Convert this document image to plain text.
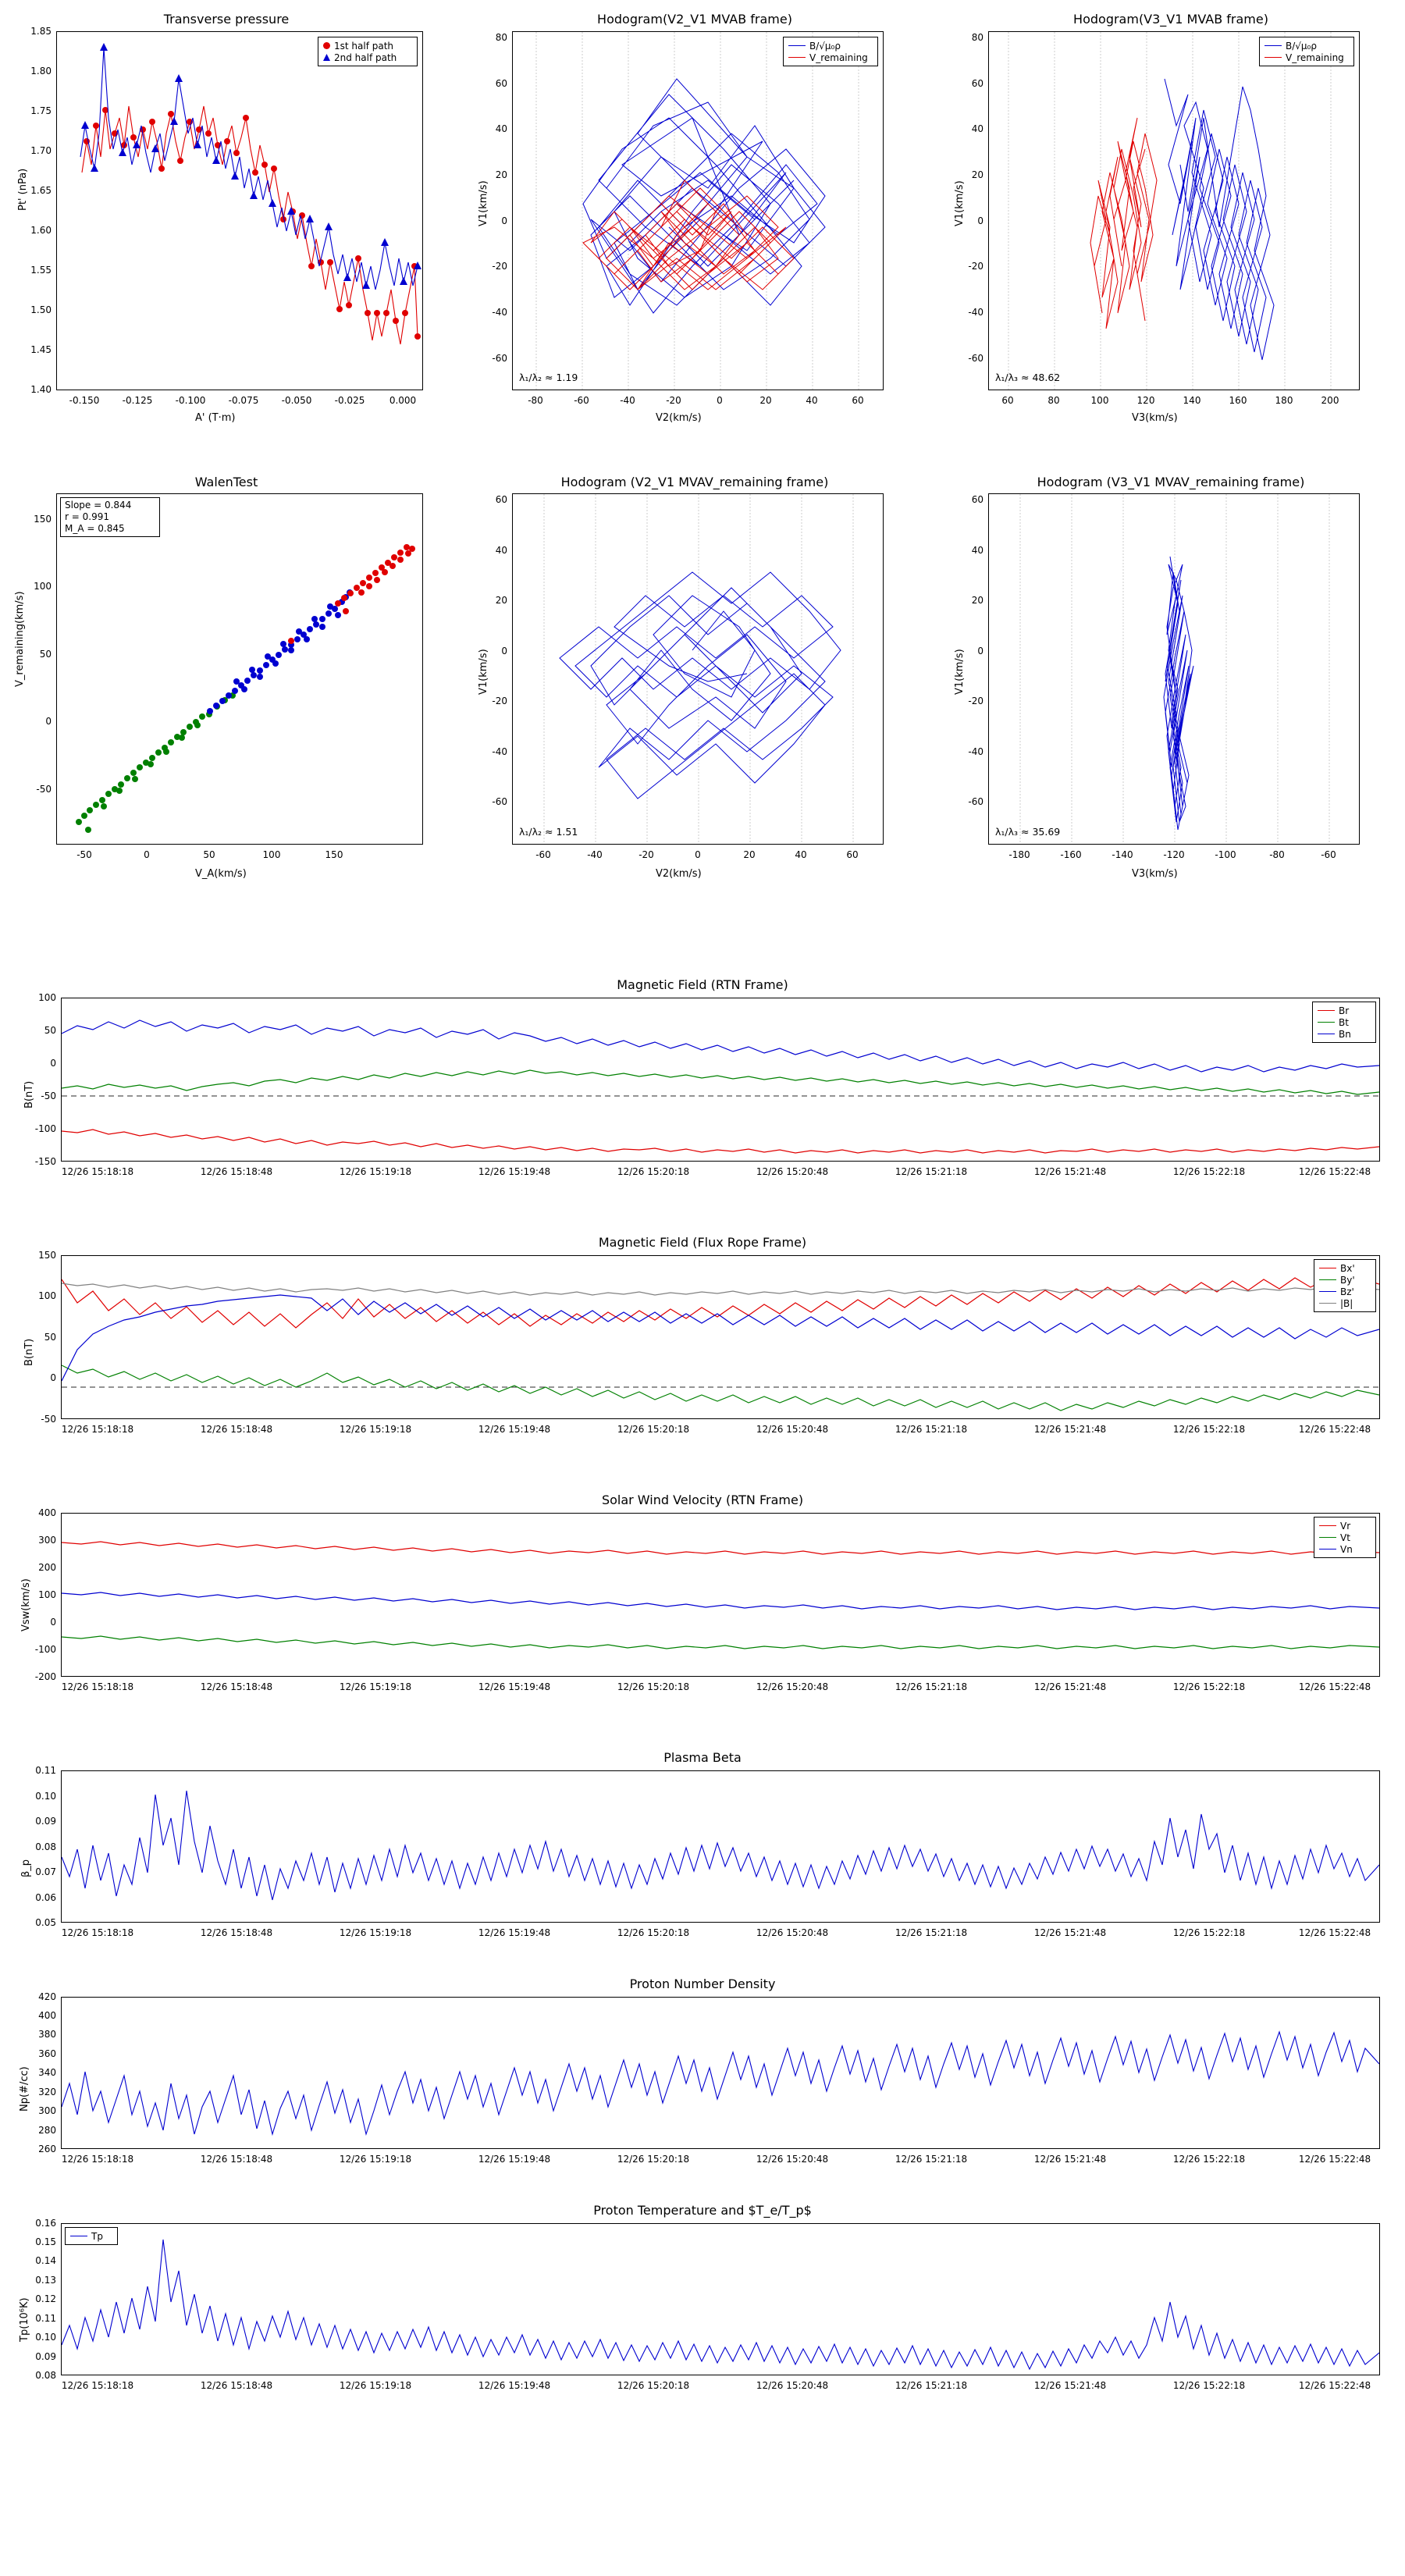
Transverse pressure
Pt' (nPa)
A' (T·m)
1st half path
2nd half path
1.85
1.80
1.75
1.70
1.65
1.60
1.55
1.50
1.45
1.40
-0.150 -0.125 -0.100 -0.075 -0.050 -0.025	0.000
Hodogram(V2_V1 MVAB frame)
V1(km/s)
V2(km/s)
B/√μ₀ρ
V_remaining
λ₁/λ₂ ≈ 1.19
80
60
40
20
0
-20
-40
-60
-80	-60	-40	-20	0	20	40	60
Hodogram(V3_V1 MVAB frame)
V1(km/s)
V3(km/s)
B/√μ₀ρ
V_remaining
λ₁/λ₃ ≈ 48.62
80
60
40
20
0
-20
-40
-60
60	80	100	120	140	160	180	200
WalenTest
V_remaining(km/s)
V_A(km/s)
Slope = 0.844
r = 0.991
M_A = 0.845
150
100
50
0
-50
-50	0	50	100	150
Hodogram (V2_V1 MVAV_remaining frame)
V1(km/s)
V2(km/s)
λ₁/λ₂ ≈ 1.51
60
40
20
0
-20
-40
-60
-60	-40	-20	0	20	40	60
Hodogram (V3_V1 MVAV_remaining frame)
V1(km/s)
V3(km/s)
λ₁/λ₃ ≈ 35.69
60
40
20
0
-20
-40
-60
-180	-160	-140	-120	-100	-80	-60
Magnetic Field (RTN Frame)
B(nT)
Br
Bt
Bn
100
50
0
-50
-100
-150
12/26 15:18:18	12/26 15:18:48	12/26 15:19:18	12/26 15:19:48	12/26 15:20:18	12/26 15:20:48	12/26 15:21:18	12/26 15:21:48	12/26 15:22:18	12/26 15:22:48
Magnetic Field (Flux Rope Frame)
B(nT)
Bx'
By'
Bz'
|B|
150
100
50
0
-50
12/26 15:18:18	12/26 15:18:48	12/26 15:19:18	12/26 15:19:48	12/26 15:20:18	12/26 15:20:48	12/26 15:21:18	12/26 15:21:48	12/26 15:22:18	12/26 15:22:48
Solar Wind Velocity (RTN Frame)
Vsw(km/s)
Vr
Vt
Vn
400
300
200
100
0
-100
-200
12/26 15:18:18	12/26 15:18:48	12/26 15:19:18	12/26 15:19:48	12/26 15:20:18	12/26 15:20:48	12/26 15:21:18	12/26 15:21:48	12/26 15:22:18	12/26 15:22:48
Plasma Beta
β_p
0.11
0.10
0.09
0.08
0.07
0.06
0.05
12/26 15:18:18	12/26 15:18:48	12/26 15:19:18	12/26 15:19:48	12/26 15:20:18	12/26 15:20:48	12/26 15:21:18	12/26 15:21:48	12/26 15:22:18	12/26 15:22:48
Proton Number Density
Np(#/cc)
420
400
380
360
340
320
300
280
260
12/26 15:18:18	12/26 15:18:48	12/26 15:19:18	12/26 15:19:48	12/26 15:20:18	12/26 15:20:48	12/26 15:21:18	12/26 15:21:48	12/26 15:22:18	12/26 15:22:48
Proton Temperature and $T_e/T_p$
Tp(10⁶K)
Tp
0.16
0.15
0.14
0.13
0.12
0.11
0.10
0.09
0.08
12/26 15:18:18	12/26 15:18:48	12/26 15:19:18	12/26 15:19:48	12/26 15:20:18	12/26 15:20:48	12/26 15:21:18	12/26 15:21:48	12/26 15:22:18	12/26 15:22:48
